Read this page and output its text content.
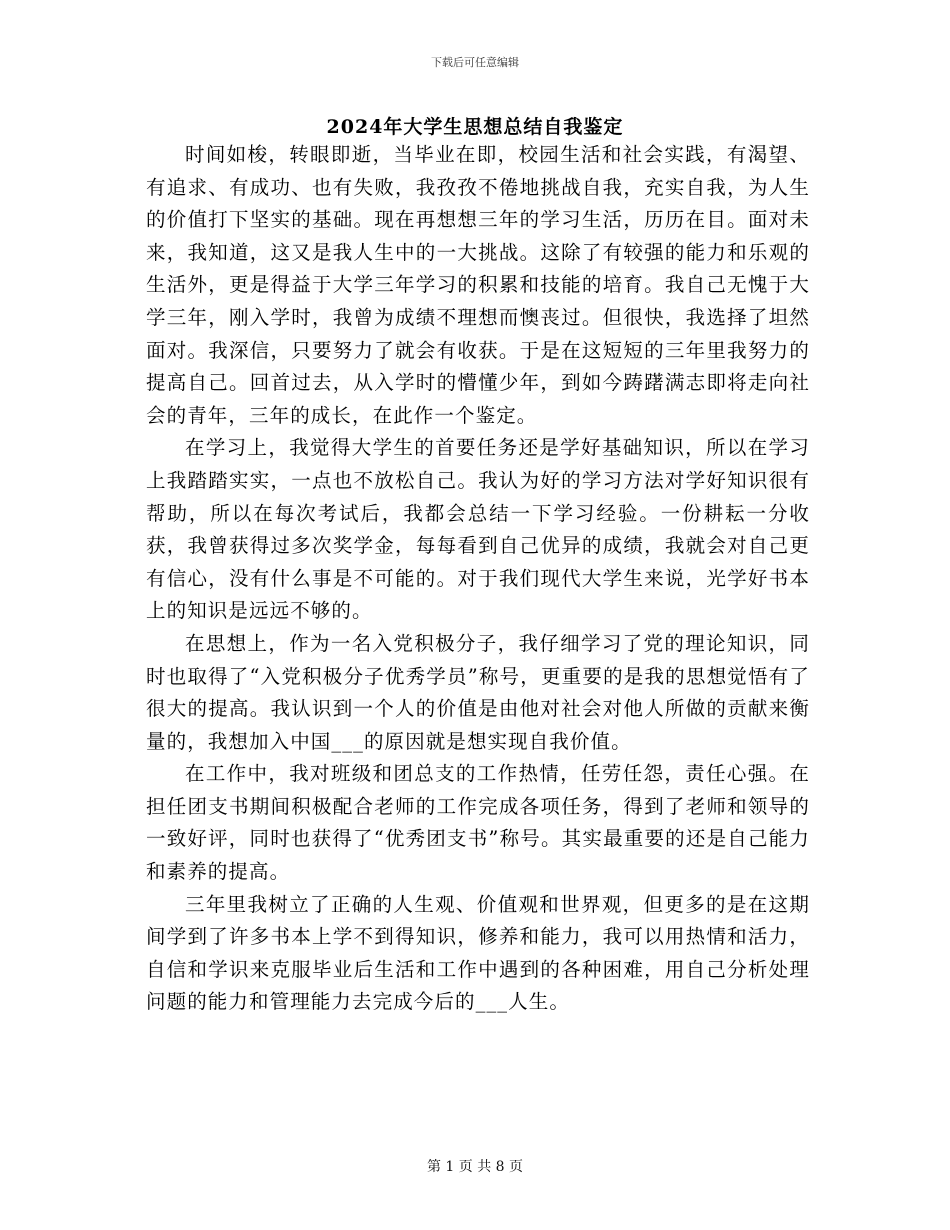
下载后可任意编辑
2024年大学生思想总结自我鉴定

时间如梭，转眼即逝，当毕业在即，校园生活和社会实践，有渴望、有追求、有成功、也有失败，我孜孜不倦地挑战自我，充实自我，为人生的价值打下坚实的基础。现在再想想三年的学习生活，历历在目。面对未来，我知道，这又是我人生中的一大挑战。这除了有较强的能力和乐观的生活外，更是得益于大学三年学习的积累和技能的培育。我自己无愧于大学三年，刚入学时，我曾为成绩不理想而懊丧过。但很快，我选择了坦然面对。我深信，只要努力了就会有收获。于是在这短短的三年里我努力的提高自己。回首过去，从入学时的懵懂少年，到如今踌躇满志即将走向社会的青年，三年的成长，在此作一个鉴定。

在学习上，我觉得大学生的首要任务还是学好基础知识，所以在学习上我踏踏实实，一点也不放松自己。我认为好的学习方法对学好知识很有帮助，所以在每次考试后，我都会总结一下学习经验。一份耕耘一分收获，我曾获得过多次奖学金，每每看到自己优异的成绩，我就会对自己更有信心，没有什么事是不可能的。对于我们现代大学生来说，光学好书本上的知识是远远不够的。

在思想上，作为一名入党积极分子，我仔细学习了党的理论知识，同时也取得了“入党积极分子优秀学员”称号，更重要的是我的思想觉悟有了很大的提高。我认识到一个人的价值是由他对社会对他人所做的贡献来衡量的，我想加入中国___的原因就是想实现自我价值。

在工作中，我对班级和团总支的工作热情，任劳任怨，责任心强。在担任团支书期间积极配合老师的工作完成各项任务，得到了老师和领导的一致好评，同时也获得了“优秀团支书”称号。其实最重要的还是自己能力和素养的提高。

三年里我树立了正确的人生观、价值观和世界观，但更多的是在这期间学到了许多书本上学不到得知识，修养和能力，我可以用热情和活力，自信和学识来克服毕业后生活和工作中遇到的各种困难，用自己分析处理问题的能力和管理能力去完成今后的___人生。

第 1 页 共 8 页
